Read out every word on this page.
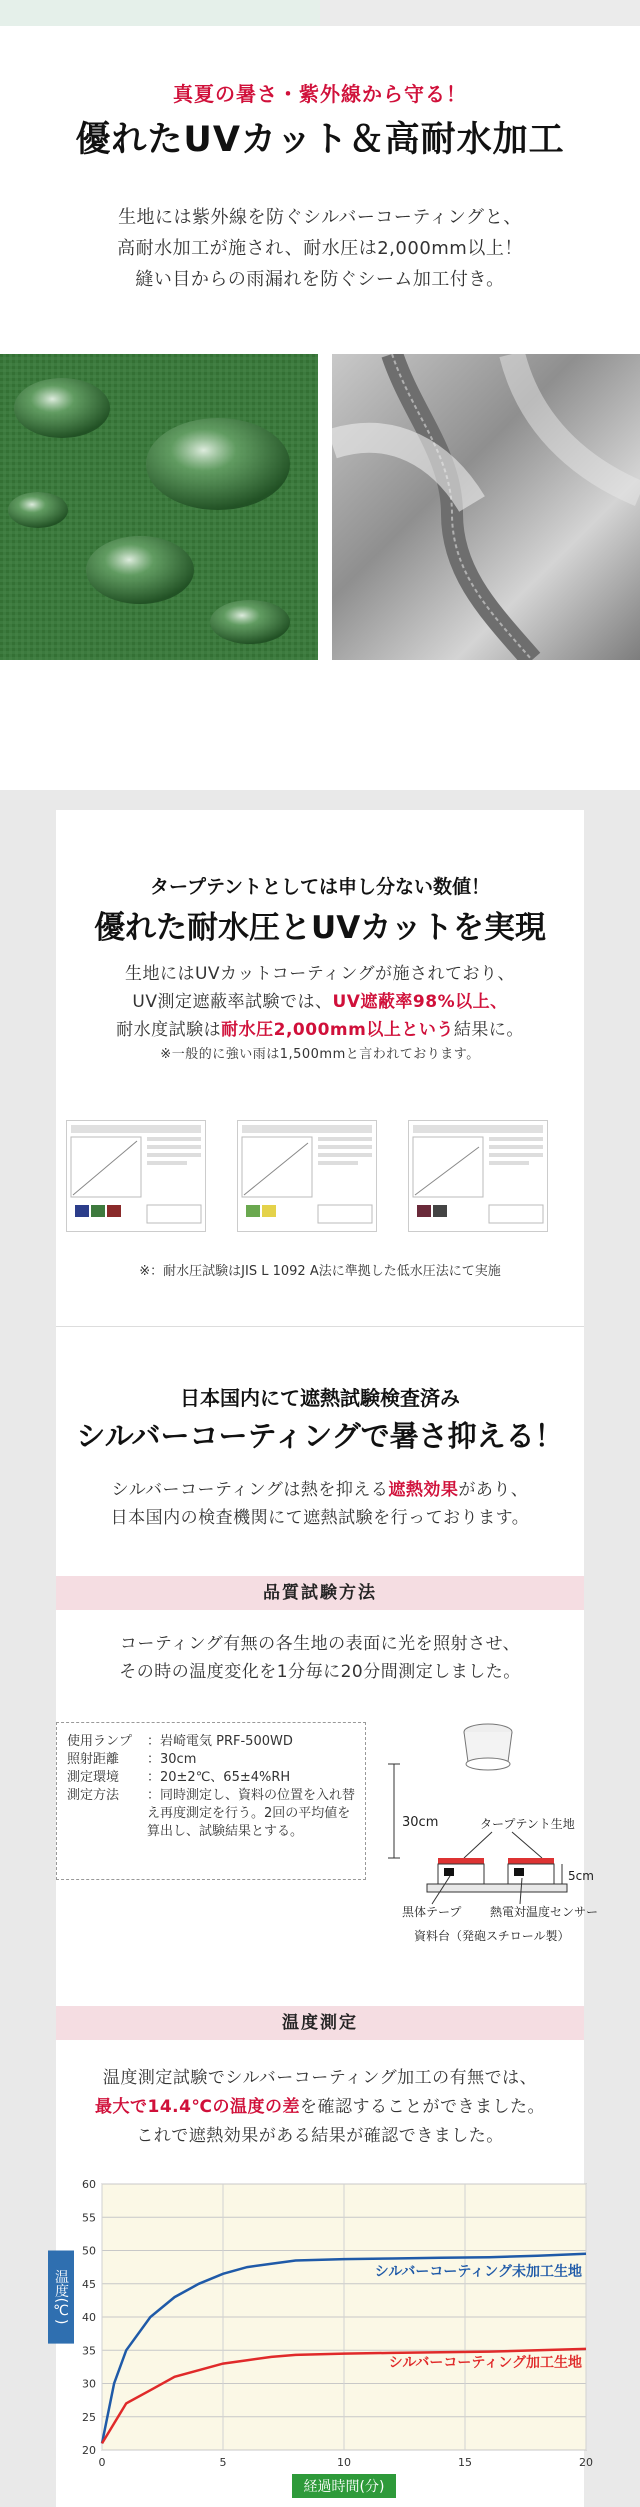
真夏の暑さ・紫外線から守る！
優れたUVカット＆高耐水加工
生地には紫外線を防ぐシルバーコーティングと、
高耐水加工が施され、耐水圧は2,000mm以上！
縫い目からの雨漏れを防ぐシーム加工付き。
タープテントとしては申し分ない数値！
優れた耐水圧とUVカットを実現
生地にはUVカットコーティングが施されており、
UV測定遮蔽率試験では、UV遮蔽率98%以上、
耐水度試験は耐水圧2,000mm以上という結果に。
※一般的に強い雨は1,500mmと言われております。
※：耐水圧試験はJIS L 1092 A法に準拠した低水圧法にて実施
日本国内にて遮熱試験検査済み
シルバーコーティングで暑さ抑える！
シルバーコーティングは熱を抑える遮熱効果があり、
日本国内の検査機関にて遮熱試験を行っております。
品質試験方法
コーティング有無の各生地の表面に光を照射させ、
その時の温度変化を1分毎に20分間測定しました。
使用ランプ	：岩崎電気 PRF-500WD
照射距離	：30cm
測定環境	：20±2℃、65±4%RH
測定方法	：同時測定し、資料の位置を入れ替え再度測定を行う。2回の平均値を算出し、試験結果とする。
30cm	タープテント生地
5cm
黒体テープ 熱電対温度センサー
資料台（発砲スチロール製）
温度測定
温度測定試験でシルバーコーティング加工の有無では、
最大で14.4℃の温度の差を確認することができました。
これで遮熱効果がある結果が確認できました。
20
25
30
35
40
45
50
55
60
0	5	10	15	20
シルバーコーティング未加工生地
シルバーコーティング加工生地
温度(℃)
経過時間(分)
